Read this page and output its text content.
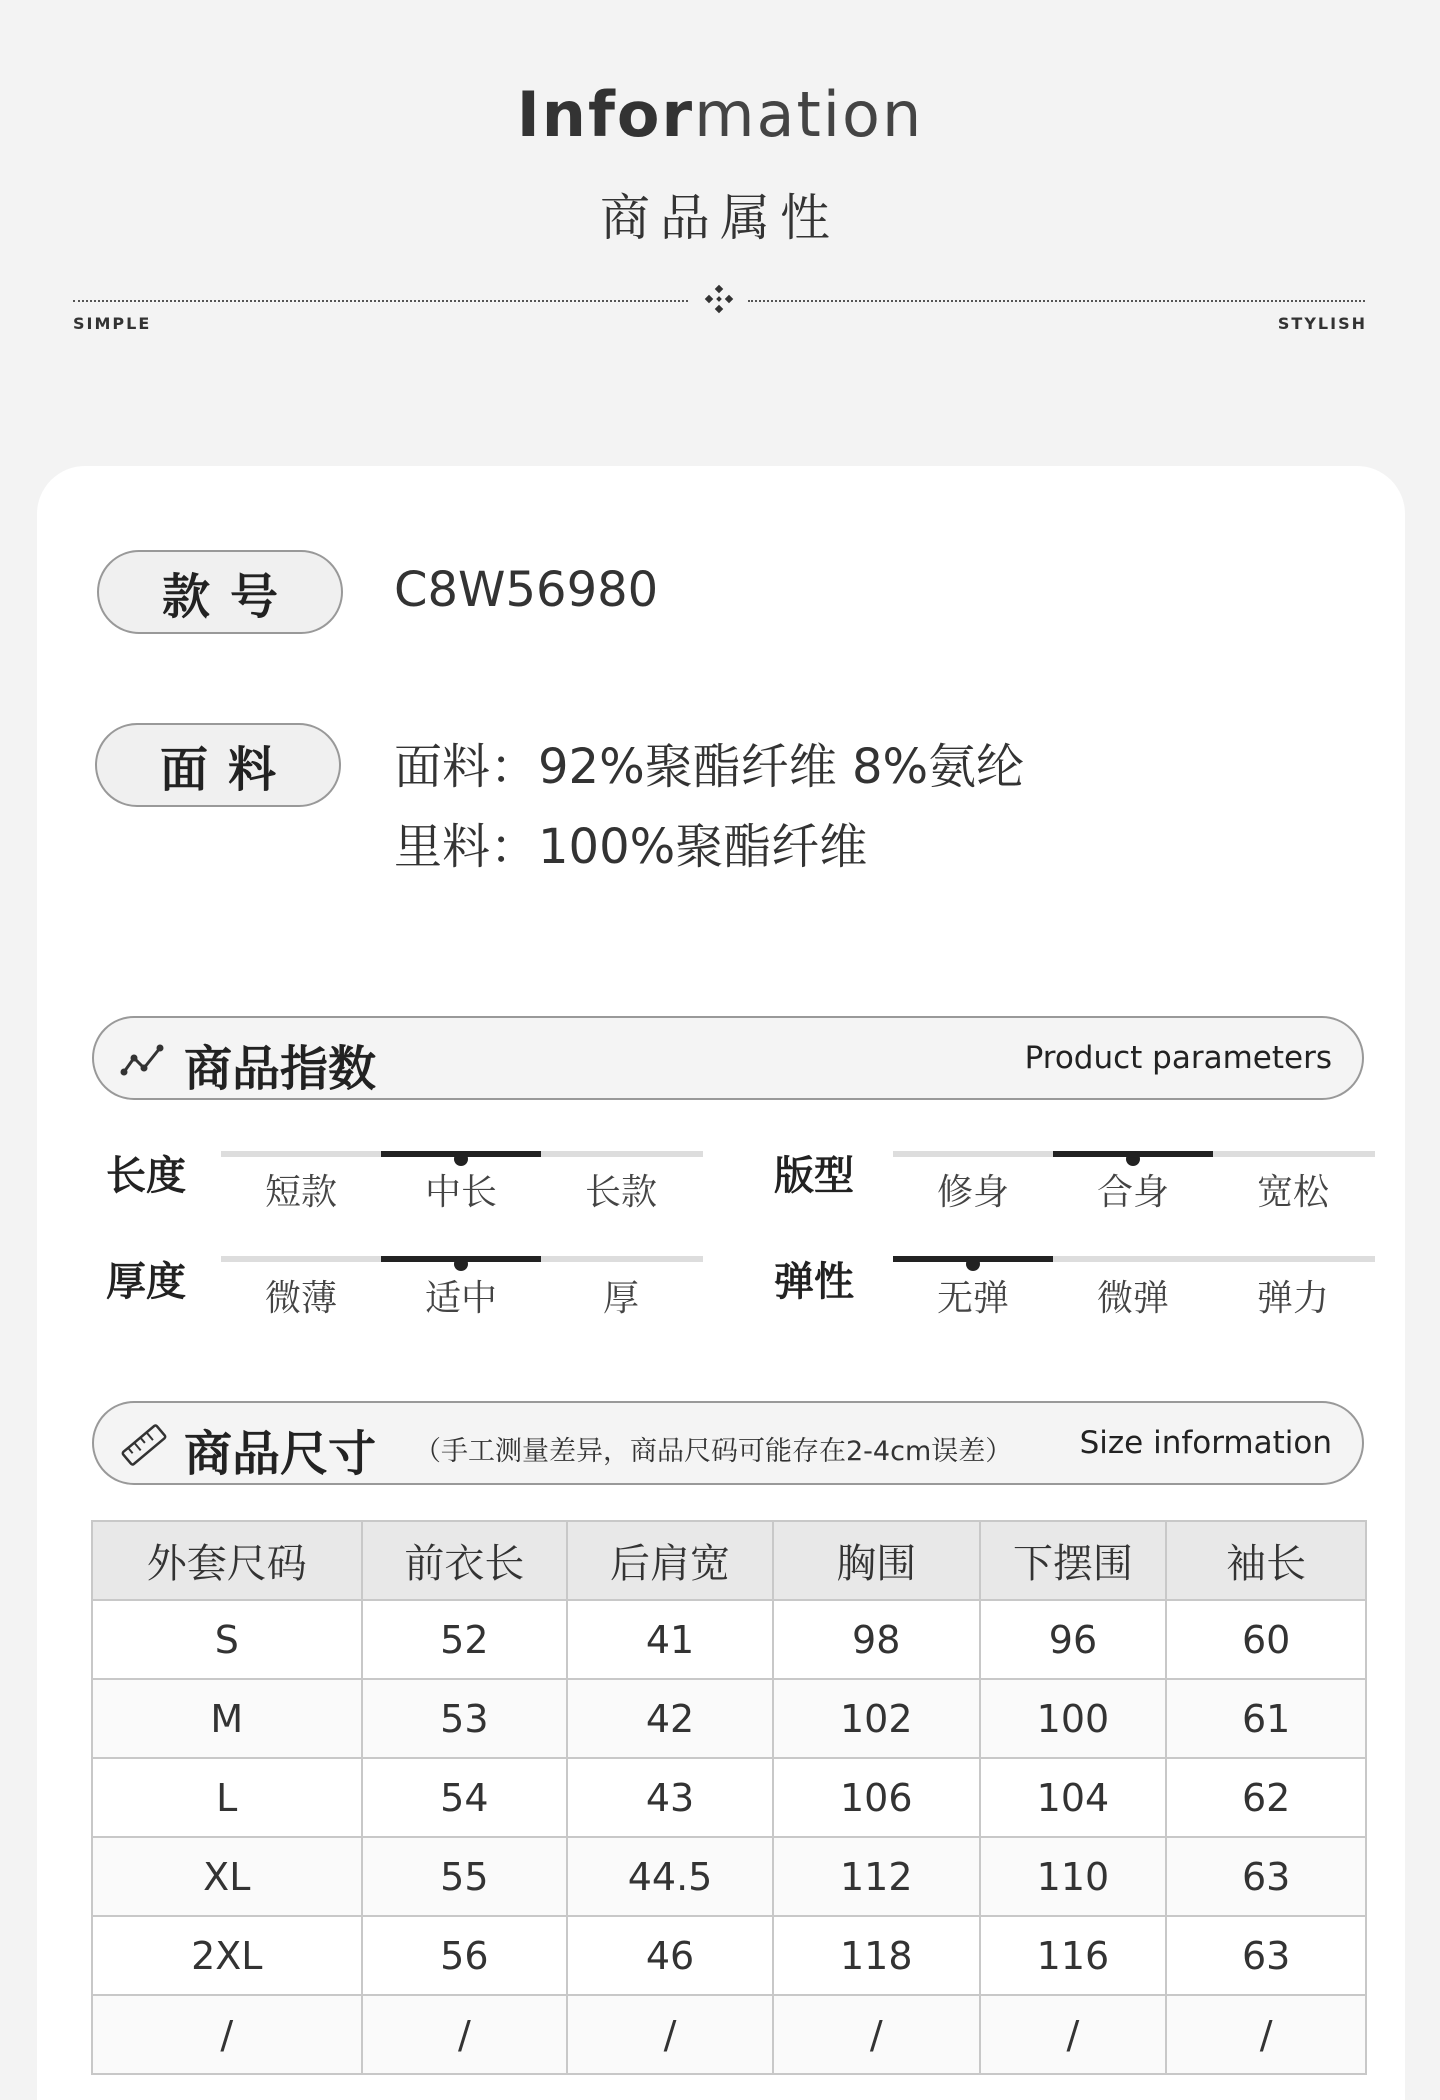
Information
商品属性
SIMPLE	STYLISH
款号	C8W56980
面料	面料：92%聚酯纤维 8%氨纶
里料：100%聚酯纤维
商品指数	Product parameters
长度	短款	中长	长款	版型	修身	合身	宽松
厚度	微薄	适中	厚	弹性	无弹	微弹	弹力
商品尺寸 （手工测量差异，商品尺码可能存在2-4cm误差） Size information
外套尺码	前衣长	后肩宽	胸围	下摆围	袖长
S	52	41	98	96	60
M	53	42	102	100	61
L	54	43	106	104	62
XL	55	44.5	112	110	63
2XL	56	46	118	116	63
/	/	/	/	/	/
